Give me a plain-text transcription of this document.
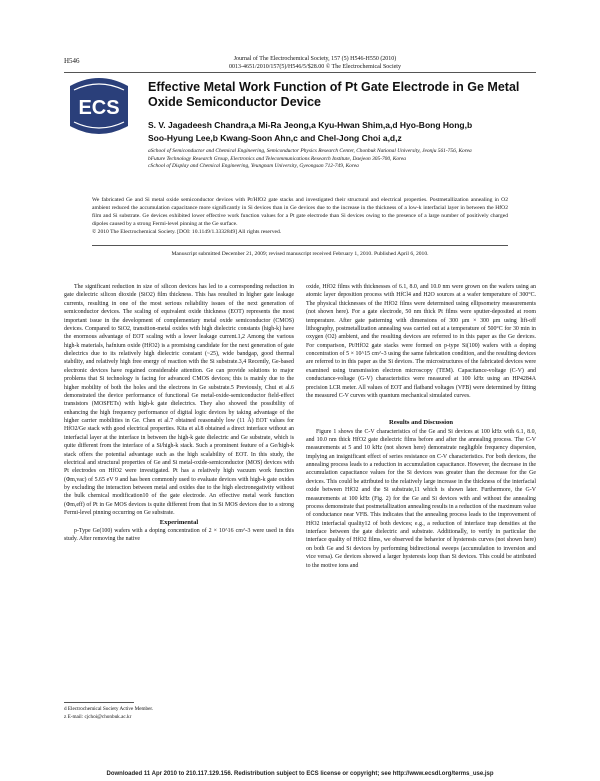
H546	Journal of The Electrochemical Society, 157 (5) H546-H550 (2010)
0013-4651/2010/157(5)/H546/5/$28.00 © The Electrochemical Society
ECS
Effective Metal Work Function of Pt Gate Electrode in Ge Metal Oxide Semiconductor Device
S. V. Jagadeesh Chandra,a Mi-Ra Jeong,a Kyu-Hwan Shim,a,d Hyo-Bong Hong,b
Soo-Hyung Lee,b Kwang-Soon Ahn,c and Chel-Jong Choi a,d,z
aSchool of Semiconductor and Chemical Engineering, Semiconductor Physics Research Center, Chonbuk National University, Jeonju 561-756, Korea
bFuture Technology Research Group, Electronics and Telecommunications Research Institute, Daejeon 305-700, Korea
cSchool of Display and Chemical Engineering, Yeungnam University, Gyeongsan 712-749, Korea
We fabricated Ge and Si metal oxide semiconductor devices with Pt/HfO2 gate stacks and investigated their structural and electrical properties. Postmetallization annealing in O2 ambient reduced the accumulation capacitance more significantly in Si devices than in Ge devices due to the increase in the thickness of a low-k interfacial layer in between the HfO2 film and Si substrate. Ge devices exhibited lower effective work function values for a Pt gate electrode than Si devices owing to the presence of a large number of positively charged dipoles caused by a strong Fermi-level pinning at the Ge surface.
© 2010 The Electrochemical Society. [DOI: 10.1149/1.3332849] All rights reserved.
Manuscript submitted December 21, 2009; revised manuscript received February 1, 2010. Published April 6, 2010.

The significant reduction in size of silicon devices has led to a corresponding reduction in gate dielectric silicon dioxide (SiO2) film thickness. This has resulted in higher gate leakage currents, resulting in one of the most serious reliability issues of the next generation of semiconductor devices. The scaling of equivalent oxide thickness (EOT) represents the most important issue in the development of complementary metal oxide semiconductor (CMOS) devices. Compared to SiO2, transition-metal oxides with high dielectric constants (high-k) have the enormous advantage of EOT scaling with a lower leakage current.1,2 Among the various high-k materials, hafnium oxide (HfO2) is a promising candidate for the next generation of gate dielectrics due to its relatively high dielectric constant (~25), wide bandgap, good thermal stability, and relatively high free energy of reaction with the Si substrate.3,4 Recently, Ge-based electronic devices have regained considerable attention. Ge can provide solutions to major problems that Si technology is facing for advanced CMOS devices; this is mainly due to the higher mobility of both the holes and the electrons in Ge substrate.5 Previously, Chui et al.6 demonstrated the device performance of functional Ge metal-oxide-semiconductor field-effect transistors (MOSFETs) with high-k gate dielectrics. They also showed the possibility of enhancing the high frequency performance of digital logic devices by taking advantage of the higher carrier mobilities in Ge. Chen et al.7 obtained reasonably low (11 Å) EOT values for HfO2/Ge stack with good electrical properties. Kita et al.8 obtained a direct interface without an interfacial layer at the interface in between the high-k gate dielectric and Ge substrate, which is quite different from the interface of a Si/high-k stack. Such a prominent feature of a Ge/high-k stack offers the potential advantage such as the high scalability of EOT. In this study, the electrical and structural properties of Ge and Si metal-oxide-semiconductor (MOS) devices with Pt electrodes on HfO2 were investigated. Pt has a relatively high vacuum work function (Φm,vac) of 5.65 eV 9 and has been commonly used to evaluate devices with high-k gate oxides by excluding the interaction between metal and oxides due to the high electronegativity without the bulk chemical modification10 of the gate electrode. An effective metal work function (Φm,eff) of Pt in Ge MOS devices is quite different from that in Si MOS devices due to a strong Fermi-level pinning occurring on Ge substrate.

Experimental

p-Type Ge(100) wafers with a doping concentration of 2 × 10^16 cm^-3 were used in this study. After removing the native

oxide, HfO2 films with thicknesses of 6.1, 8.0, and 10.0 nm were grown on the wafers using an atomic layer deposition process with HfCl4 and H2O sources at a wafer temperature of 300°C. The physical thicknesses of the HfO2 films were determined using ellipsometry measurements (not shown here). For a gate electrode, 50 nm thick Pt films were sputter-deposited at room temperature. After gate patterning with dimensions of 300 μm × 300 μm using lift-off lithography, postmetallization annealing was carried out at a temperature of 500°C for 30 min in oxygen (O2) ambient, and the resulting devices are referred to in this paper as the Ge devices. For comparison, Pt/HfO2 gate stacks were formed on p-type Si(100) wafers with a doping concentration of 5 × 10^15 cm^-3 using the same fabrication condition, and the resulting devices are referred to in this paper as the Si devices. The microstructures of the fabricated devices were examined using transmission electron microscopy (TEM). Capacitance-voltage (C-V) and conductance-voltage (G-V) characteristics were measured at 100 kHz using an HP4284A precision LCR meter. All values of EOT and flatband voltages (VFB) were determined by fitting the measured C-V curves with quantum mechanical simulated curves.

Results and Discussion

Figure 1 shows the C-V characteristics of the Ge and Si devices at 100 kHz with 6.1, 8.0, and 10.0 nm thick HfO2 gate dielectric films before and after the annealing process. The C-V measurements at 5 and 10 kHz (not shown here) demonstrate negligible frequency dispersion, implying an insignificant effect of series resistance on C-V characteristics. For both devices, the annealing process leads to a reduction in accumulation capacitance. However, the decrease in the accumulation capacitance values for the Si devices was greater than the decrease for the Ge devices. This could be attributed to the relatively large increase in the thickness of the interfacial oxide between HfO2 and the Si substrate,11 which is shown later. Furthermore, the G-V measurements at 100 kHz (Fig. 2) for the Ge and Si devices with and without the annealing process demonstrate that postmetallization annealing results in a reduction of the maximum value of conductance near VFB. This indicates that the annealing process leads to the improvement of HfO2 interfacial quality12 of both devices; e.g., a reduction of interface trap densities at the interface between the gate dielectric and substrate. Additionally, to verify in particular the interface quality of HfO2 films, we observed the behavior of hysteresis curves (not shown here) on both Ge and Si devices by performing bidirectional sweeps (accumulation to inversion and vice versa). Ge devices showed a larger hysteresis loop than Si devices. This could be attributed to the motive ions and

d Electrochemical Society Active Member.
z E-mail: cjchoi@chonbuk.ac.kr
Downloaded 11 Apr 2010 to 210.117.129.156. Redistribution subject to ECS license or copyright; see http://www.ecsdl.org/terms_use.jsp
